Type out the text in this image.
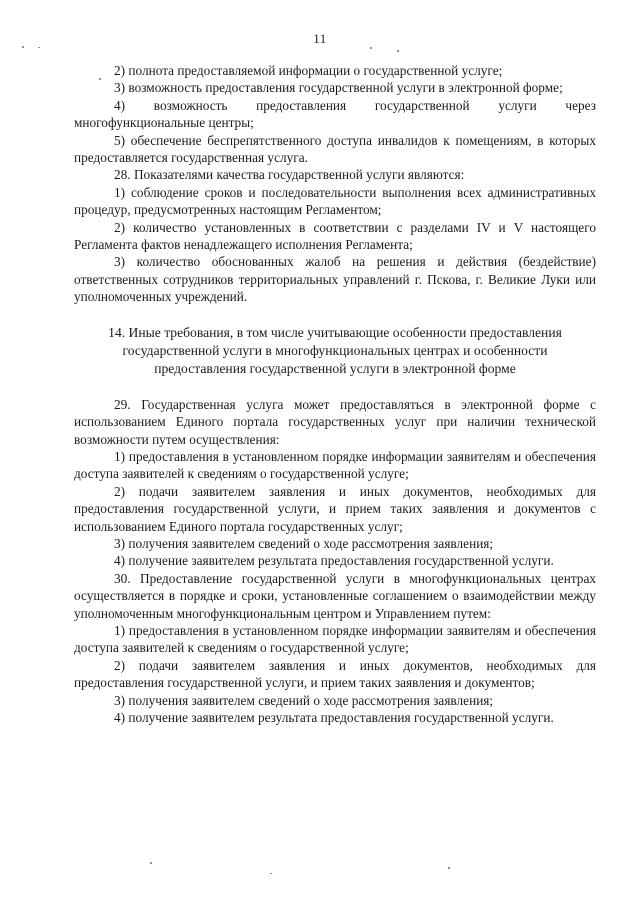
11

2) полнота предоставляемой информации о государственной услуге;

3) возможность предоставления государственной услуги в электронной форме;

4) возможность предоставления государственной услуги через многофункциональные центры;

5) обеспечение беспрепятственного доступа инвалидов к помещениям, в которых предоставляется государственная услуга.

28. Показателями качества государственной услуги являются:

1) соблюдение сроков и последовательности выполнения всех административных процедур, предусмотренных настоящим Регламентом;

2) количество установленных в соответствии с разделами IV и V настоящего Регламента фактов ненадлежащего исполнения Регламента;

3) количество обоснованных жалоб на решения и действия (бездействие) ответственных сотрудников территориальных управлений г. Пскова, г. Великие Луки или уполномоченных учреждений.

14. Иные требования, в том числе учитывающие особенности предоставления государственной услуги в многофункциональных центрах и особенности предоставления государственной услуги в электронной форме

29. Государственная услуга может предоставляться в электронной форме с использованием Единого портала государственных услуг при наличии технической возможности путем осуществления:

1) предоставления в установленном порядке информации заявителям и обеспечения доступа заявителей к сведениям о государственной услуге;

2) подачи заявителем заявления и иных документов, необходимых для предоставления государственной услуги, и прием таких заявления и документов с использованием Единого портала государственных услуг;

3) получения заявителем сведений о ходе рассмотрения заявления;

4) получение заявителем результата предоставления государственной услуги.

30. Предоставление государственной услуги в многофункциональных центрах осуществляется в порядке и сроки, установленные соглашением о взаимодействии между уполномоченным многофункциональным центром и Управлением путем:

1) предоставления в установленном порядке информации заявителям и обеспечения доступа заявителей к сведениям о государственной услуге;

2) подачи заявителем заявления и иных документов, необходимых для предоставления государственной услуги, и прием таких заявления и документов;

3) получения заявителем сведений о ходе рассмотрения заявления;

4) получение заявителем результата предоставления государственной услуги.
